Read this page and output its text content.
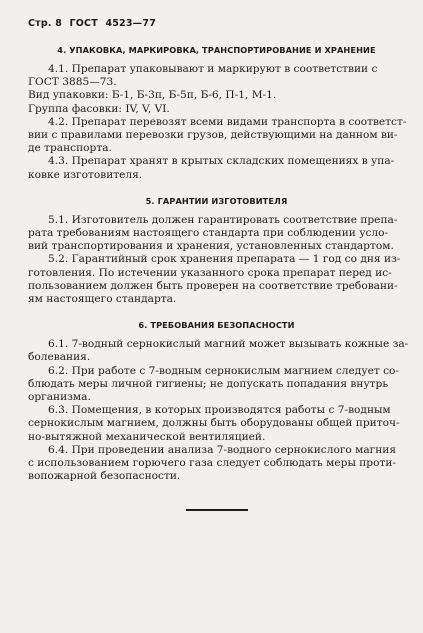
Стр. 8 ГОСТ 4523—77
4. УПАКОВКА, МАРКИРОВКА, ТРАНСПОРТИРОВАНИЕ И ХРАНЕНИЕ
4.1. Препарат упаковывают и маркируют в соответствии с
ГОСТ 3885—73.
Вид упаковки: Б-1, Б-3п, Б-5п, Б-6, П-1, М-1.
Группа фасовки: IV, V, VI.
4.2. Препарат перевозят всеми видами транспорта в соответст-
вии с правилами перевозки грузов, действующими на данном ви-
де транспорта.
4.3. Препарат хранят в крытых складских помещениях в упа-
ковке изготовителя.
5. ГАРАНТИИ ИЗГОТОВИТЕЛЯ
5.1. Изготовитель должен гарантировать соответствие препа-
рата требованиям настоящего стандарта при соблюдении усло-
вий транспортирования и хранения, установленных стандартом.
5.2. Гарантийный срок хранения препарата — 1 год со дня из-
готовления. По истечении указанного срока препарат перед ис-
пользованием должен быть проверен на соответствие требовани-
ям настоящего стандарта.
6. ТРЕБОВАНИЯ БЕЗОПАСНОСТИ
6.1. 7-водный сернокислый магний может вызывать кожные за-
болевания.
6.2. При работе с 7-водным сернокислым магнием следует со-
блюдать меры личной гигиены; не допускать попадания внутрь
организма.
6.3. Помещения, в которых производятся работы с 7-водным
сернокислым магнием, должны быть оборудованы общей приточ-
но-вытяжной механической вентиляцией.
6.4. При проведении анализа 7-водного сернокислого магния
с использованием горючего газа следует соблюдать меры проти-
вопожарной безопасности.
